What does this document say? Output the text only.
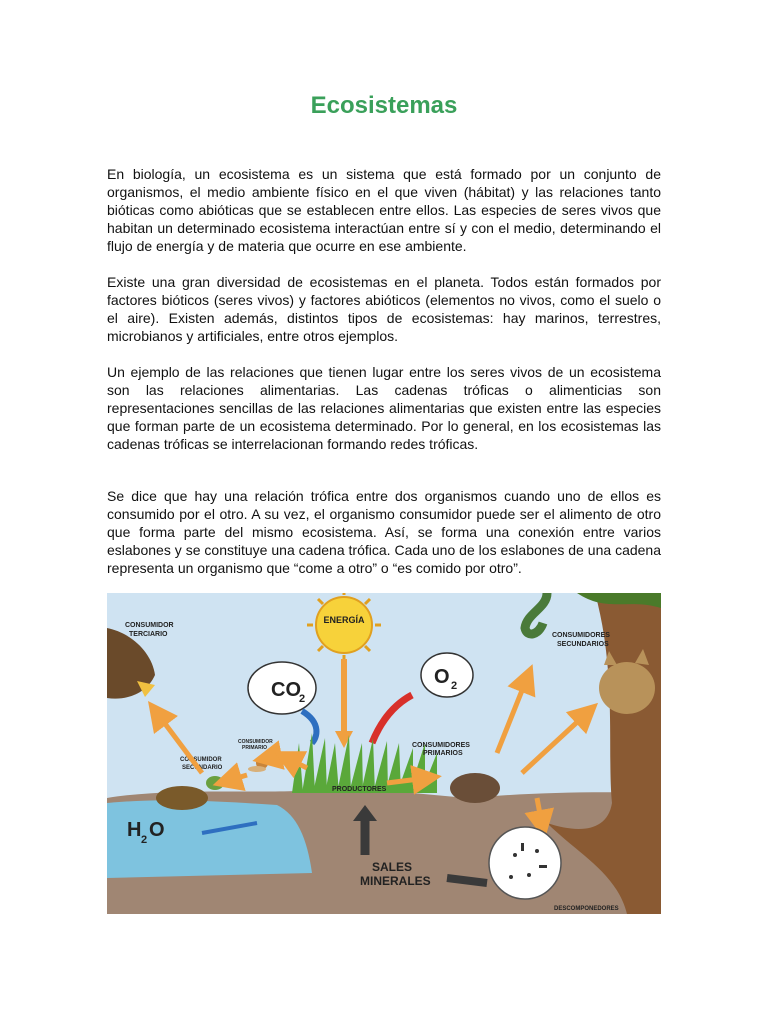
Ecosistemas

En biología, un ecosistema es un sistema que está formado por un conjunto de organismos, el medio ambiente físico en el que viven (hábitat) y las relaciones tanto bióticas como abióticas que se establecen entre ellos. Las especies de seres vivos que habitan un determinado ecosistema interactúan entre sí y con el medio, determinando el flujo de energía y de materia que ocurre en ese ambiente.

Existe una gran diversidad de ecosistemas en el planeta. Todos están formados por factores bióticos (seres vivos) y factores abióticos (elementos no vivos, como el suelo o el aire). Existen además, distintos tipos de ecosistemas: hay marinos, terrestres, microbianos y artificiales, entre otros ejemplos.

Un ejemplo de las relaciones que tienen lugar entre los seres vivos de un ecosistema son las relaciones alimentarias. Las cadenas tróficas o alimenticias son representaciones sencillas de las relaciones alimentarias que existen entre las especies que forman parte de un ecosistema determinado. Por lo general, en los ecosistemas las cadenas tróficas se interrelacionan formando redes tróficas.

Se dice que hay una relación trófica entre dos organismos cuando uno de ellos es consumido por el otro. A su vez, el organismo consumidor puede ser el alimento de otro que forma parte del mismo ecosistema. Así, se forma una conexión entre varios eslabones y se constituye una cadena trófica. Cada uno de los eslabones de una cadena representa un organismo que “come a otro” o “es comido por otro”.

ENERGÍA
CO
2
O 2
PRODUCTORES
CONSUMIDOR
TERCIARIO
CONSUMIDOR
SECUNDARIO
CONSUMIDOR
PRIMARIO	CONSUMIDORES
PRIMARIOS
CONSUMIDORES
SECUNDARIOS
H 2 O
SALES
MINERALES
DESCOMPONEDORES
